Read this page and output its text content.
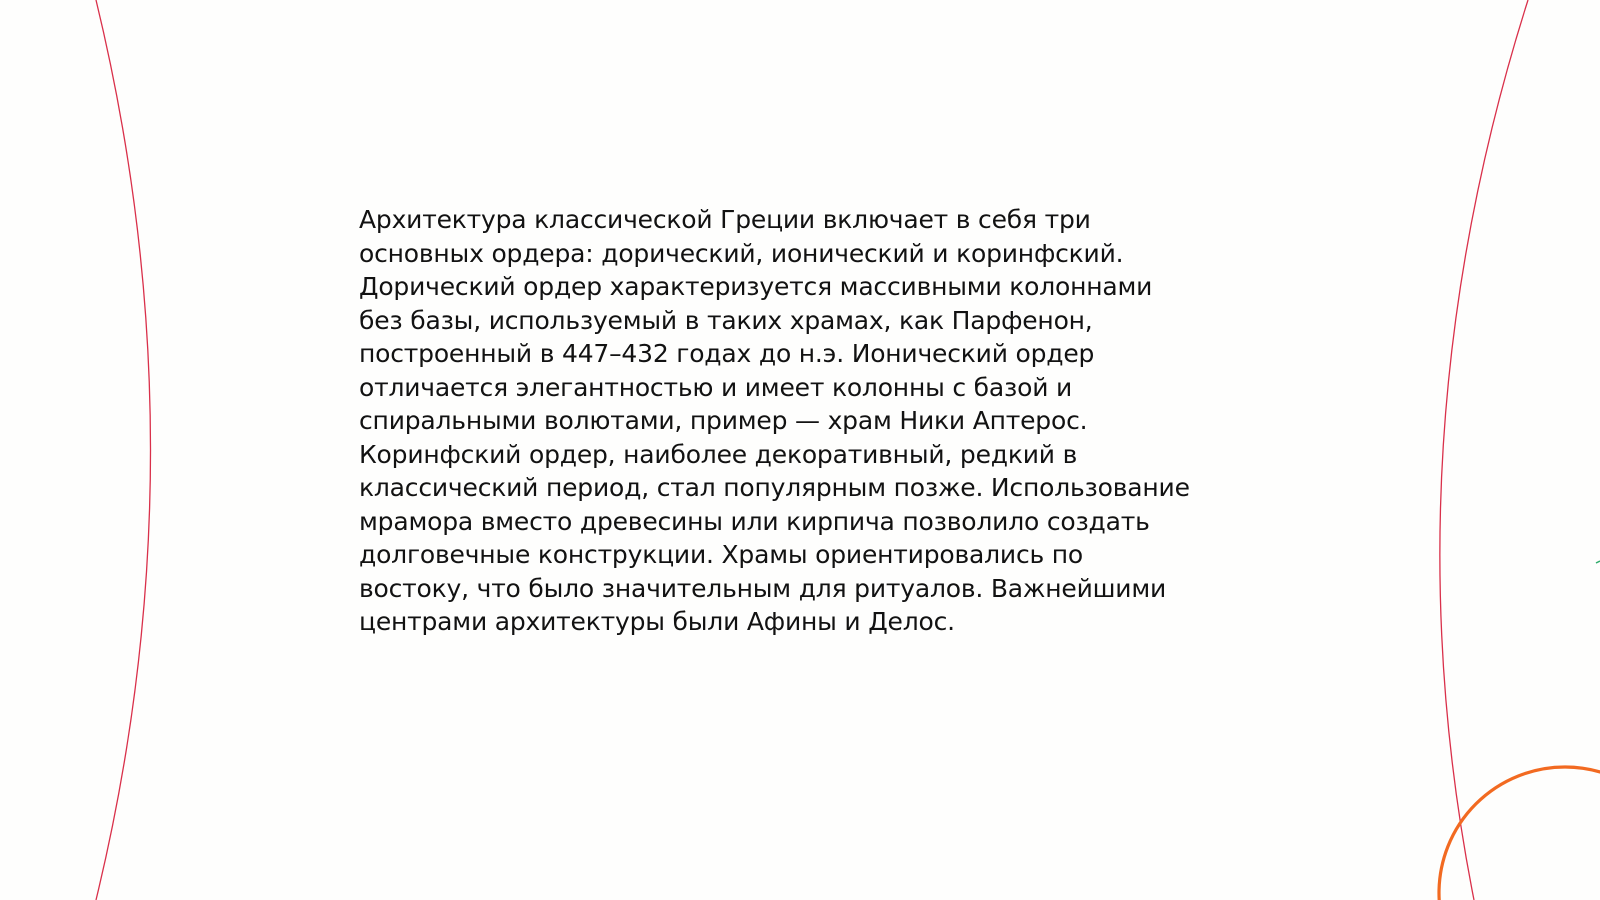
Архитектура классической Греции включает в себя три
основных ордера: дорический, ионический и коринфский.
Дорический ордер характеризуется массивными колоннами
без базы, используемый в таких храмах, как Парфенон,
построенный в 447–432 годах до н.э. Ионический ордер
отличается элегантностью и имеет колонны с базой и
спиральными волютами, пример — храм Ники Аптерос.
Коринфский ордер, наиболее декоративный, редкий в
классический период, стал популярным позже. Использование
мрамора вместо древесины или кирпича позволило создать
долговечные конструкции. Храмы ориентировались по
востоку, что было значительным для ритуалов. Важнейшими
центрами архитектуры были Афины и Делос.
